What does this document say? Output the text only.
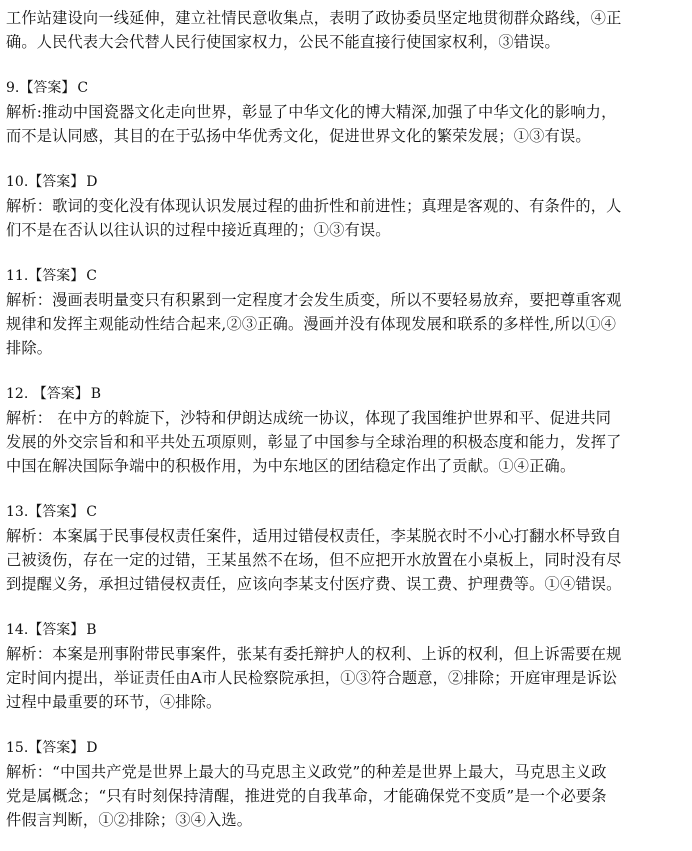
工作站建设向一线延伸，建立社情民意收集点，表明了政协委员坚定地贯彻群众路线，④正
确。人民代表大会代替人民行使国家权力，公民不能直接行使国家权利，③错误。
9.【答案】 C
解析:推动中国瓷器文化走向世界，彰显了中华文化的博大精深,加强了中华文化的影响力，
而不是认同感，其目的在于弘扬中华优秀文化，促进世界文化的繁荣发展；①③有误。
10.【答案】 D
解析：歌词的变化没有体现认识发展过程的曲折性和前进性；真理是客观的、有条件的，人
们不是在否认以往认识的过程中接近真理的；①③有误。
11.【答案】 C
解析：漫画表明量变只有积累到一定程度才会发生质变，所以不要轻易放弃，要把尊重客观
规律和发挥主观能动性结合起来,②③正确。漫画并没有体现发展和联系的多样性,所以①④
排除。
12. 【答案】 B
解析： 在中方的斡旋下，沙特和伊朗达成统一协议，体现了我国维护世界和平、促进共同
发展的外交宗旨和和平共处五项原则，彰显了中国参与全球治理的积极态度和能力，发挥了
中国在解决国际争端中的积极作用，为中东地区的团结稳定作出了贡献。①④正确。
13.【答案】 C
解析：本案属于民事侵权责任案件，适用过错侵权责任，李某脱衣时不小心打翻水杯导致自
己被烫伤，存在一定的过错，王某虽然不在场，但不应把开水放置在小桌板上，同时没有尽
到提醒义务，承担过错侵权责任，应该向李某支付医疗费、误工费、护理费等。①④错误。
14.【答案】 B
解析：本案是刑事附带民事案件，张某有委托辩护人的权利、上诉的权利，但上诉需要在规
定时间内提出，举证责任由A市人民检察院承担，①③符合题意，②排除；开庭审理是诉讼
过程中最重要的环节，④排除。
15.【答案】 D
解析：“中国共产党是世界上最大的马克思主义政党”的种差是世界上最大，马克思主义政
党是属概念；“只有时刻保持清醒，推进党的自我革命，才能确保党不变质”是一个必要条
件假言判断，①②排除；③④入选。
